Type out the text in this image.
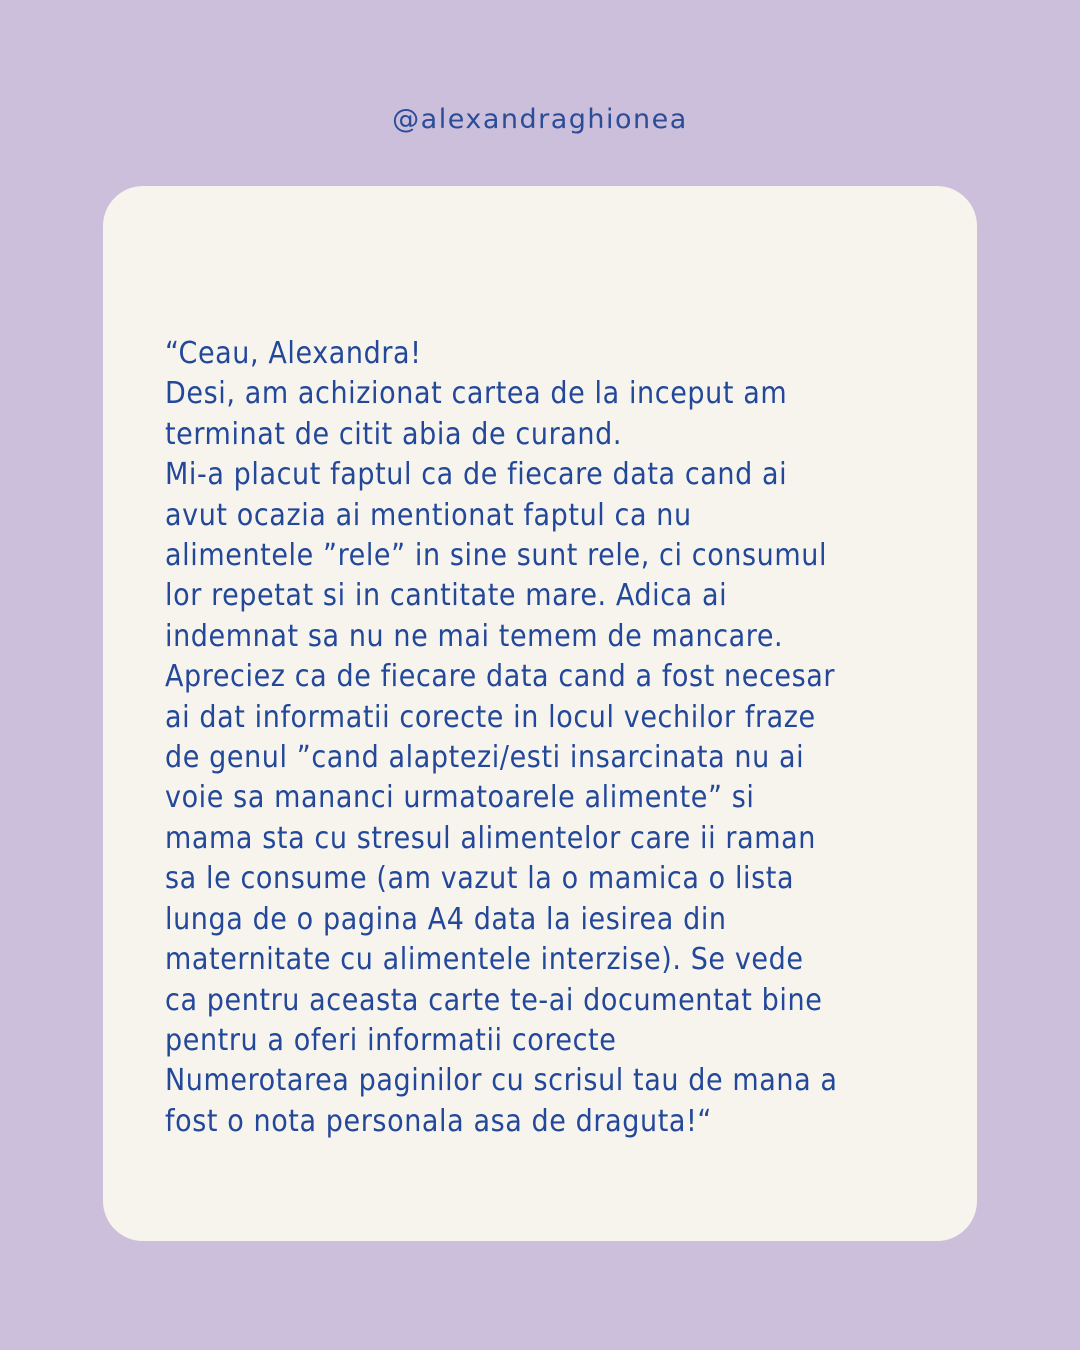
@alexandraghionea
“Ceau, Alexandra!
Desi, am achizionat cartea de la inceput am
terminat de citit abia de curand.
Mi-a placut faptul ca de fiecare data cand ai
avut ocazia ai mentionat faptul ca nu
alimentele ”rele” in sine sunt rele, ci consumul
lor repetat si in cantitate mare. Adica ai
indemnat sa nu ne mai temem de mancare.
Apreciez ca de fiecare data cand a fost necesar
ai dat informatii corecte in locul vechilor fraze
de genul ”cand alaptezi/esti insarcinata nu ai
voie sa mananci urmatoarele alimente” si
mama sta cu stresul alimentelor care ii raman
sa le consume (am vazut la o mamica o lista
lunga de o pagina A4 data la iesirea din
maternitate cu alimentele interzise). Se vede
ca pentru aceasta carte te-ai documentat bine
pentru a oferi informatii corecte
Numerotarea paginilor cu scrisul tau de mana a
fost o nota personala asa de draguta!“
